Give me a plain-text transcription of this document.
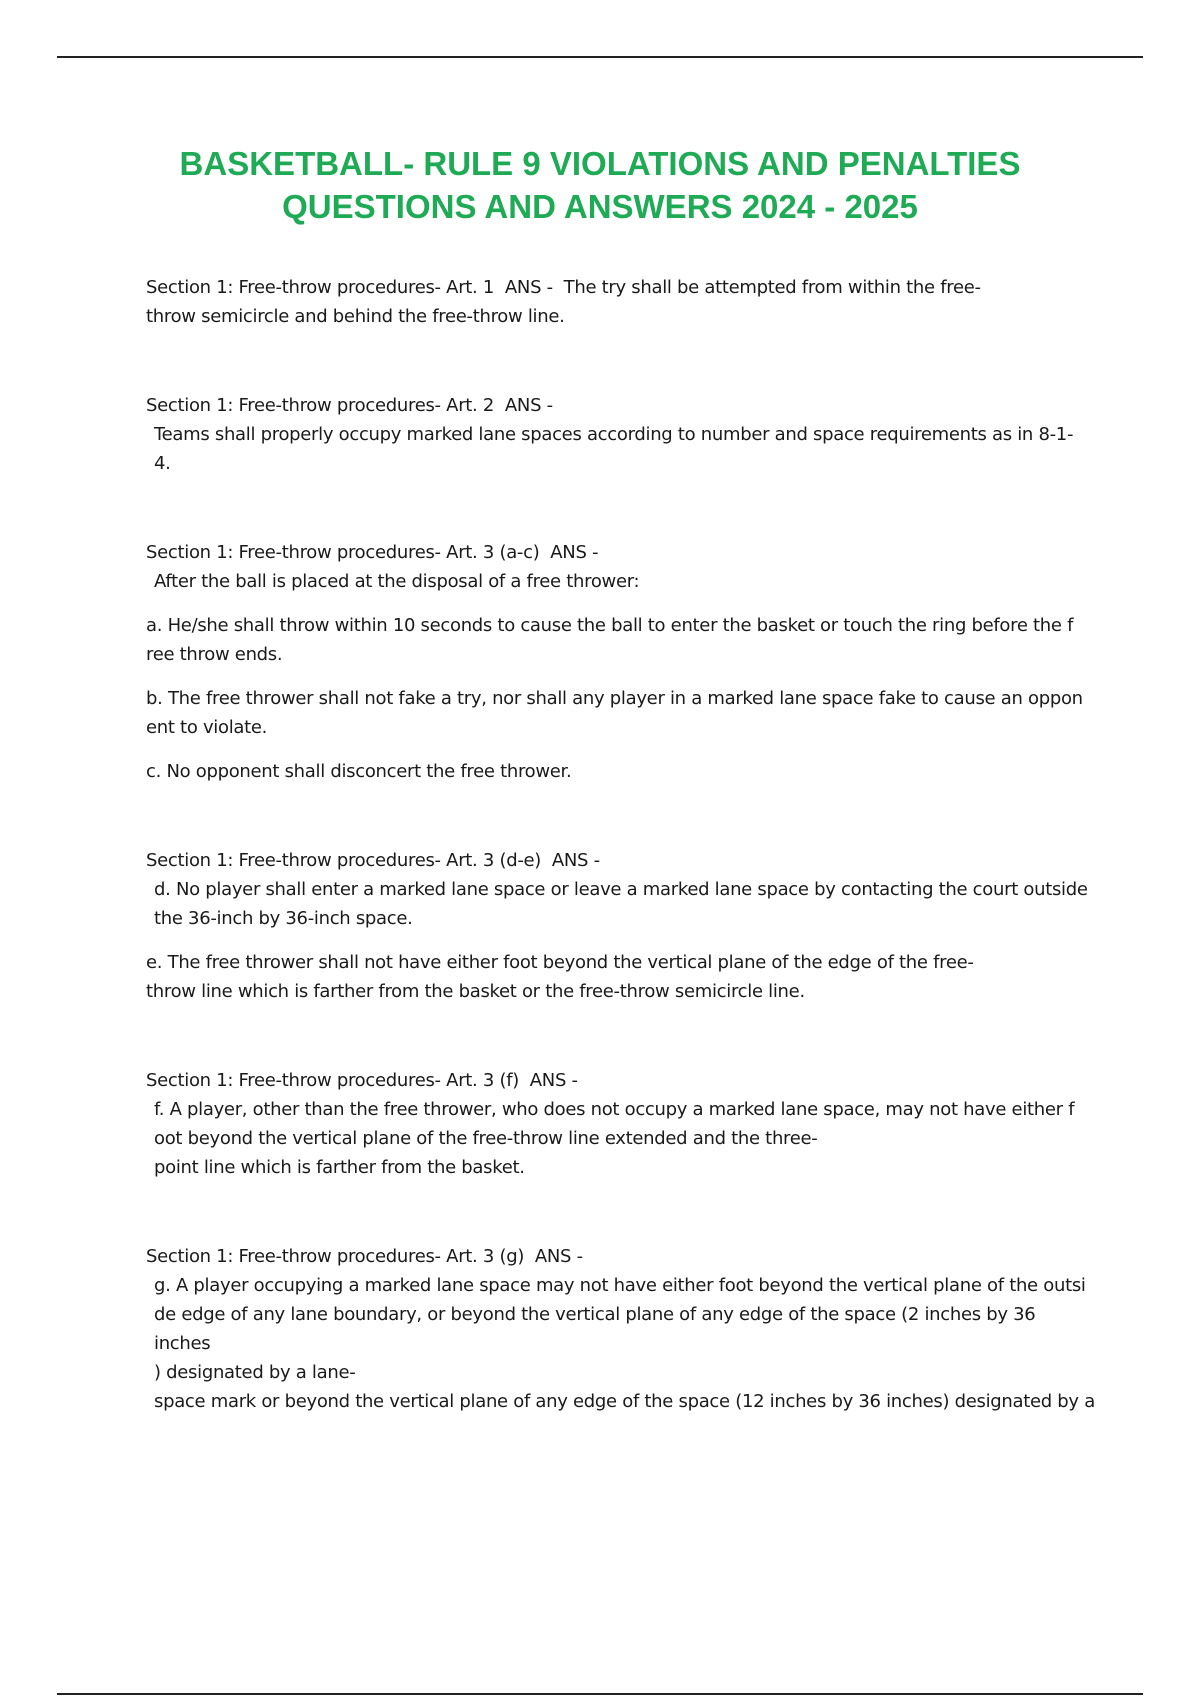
BASKETBALL- RULE 9 VIOLATIONS AND PENALTIES
QUESTIONS AND ANSWERS 2024 - 2025

Section 1: Free-throw procedures- Art. 1  ANS -  The try shall be attempted from within the free-
throw semicircle and behind the free-throw line.

Section 1: Free-throw procedures- Art. 2  ANS -

Teams shall properly occupy marked lane spaces according to number and space requirements as in 8-1-
4.

Section 1: Free-throw procedures- Art. 3 (a-c)  ANS -

After the ball is placed at the disposal of a free thrower:

a. He/she shall throw within 10 seconds to cause the ball to enter the basket or touch the ring before the f
ree throw ends.

b. The free thrower shall not fake a try, nor shall any player in a marked lane space fake to cause an oppon
ent to violate.

c. No opponent shall disconcert the free thrower.

Section 1: Free-throw procedures- Art. 3 (d-e)  ANS -

d. No player shall enter a marked lane space or leave a marked lane space by contacting the court outside
the 36-inch by 36-inch space.

e. The free thrower shall not have either foot beyond the vertical plane of the edge of the free-
throw line which is farther from the basket or the free-throw semicircle line.

Section 1: Free-throw procedures- Art. 3 (f)  ANS -

f. A player, other than the free thrower, who does not occupy a marked lane space, may not have either f
oot beyond the vertical plane of the free-throw line extended and the three-
point line which is farther from the basket.

Section 1: Free-throw procedures- Art. 3 (g)  ANS -

g. A player occupying a marked lane space may not have either foot beyond the vertical plane of the outsi
de edge of any lane boundary, or beyond the vertical plane of any edge of the space (2 inches by 36 inches
) designated by a lane-
space mark or beyond the vertical plane of any edge of the space (12 inches by 36 inches) designated by a
